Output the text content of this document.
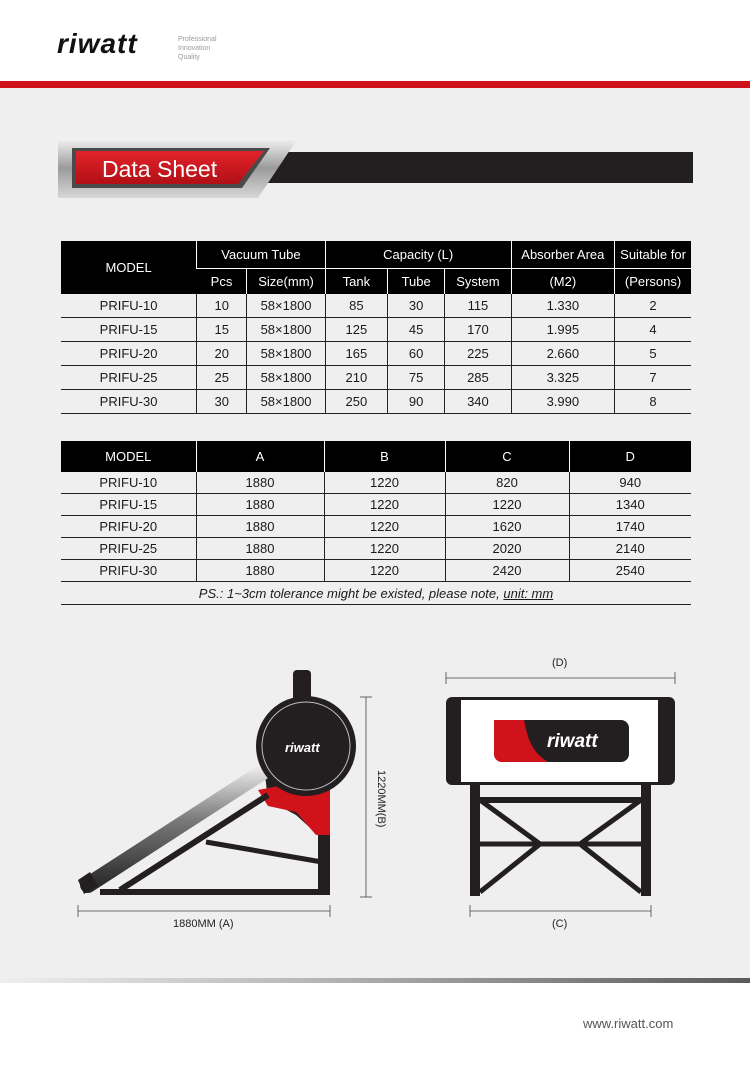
riwatt	Professional
Innovation
Quality
Data Sheet
MODEL	Vacuum Tube		Capacity (L)			Absorber Area	Suitable for
	Pcs	Size(mm)	Tank	Tube	System	(M2)	(Persons)
PRIFU-10	10	58×1800	85	30	115	1.330	2
PRIFU-15	15	58×1800	125	45	170	1.995	4
PRIFU-20	20	58×1800	165	60	225	2.660	5
PRIFU-25	25	58×1800	210	75	285	3.325	7
PRIFU-30	30	58×1800	250	90	340	3.990	8
MODEL	A	B	C	D
PRIFU-10	1880	1220	820	940
PRIFU-15	1880	1220	1220	1340
PRIFU-20	1880	1220	1620	1740
PRIFU-25	1880	1220	2020	2140
PRIFU-30	1880	1220	2420	2540
PS.: 1~3cm tolerance might be existed, please note, unit: mm				
riwatt	riwatt
1880MM (A)
1220MM(B)
(C)
(D)
www.riwatt.com
